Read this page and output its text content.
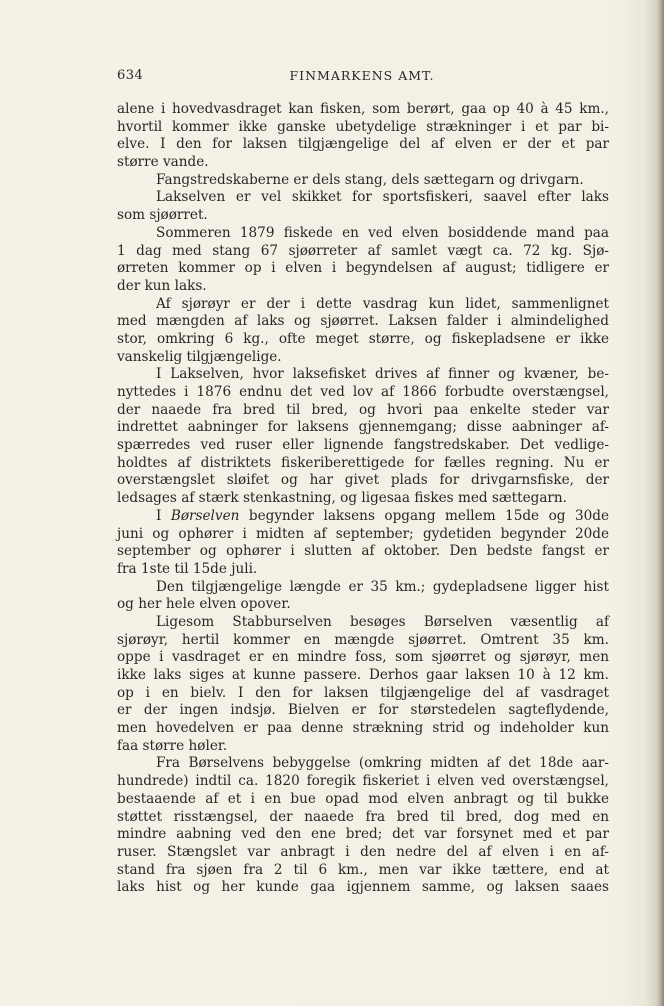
634	FINMARKENS AMT.
alene i hovedvasdraget kan fisken, som berørt, gaa op 40 à 45 km.,
hvortil kommer ikke ganske ubetydelige strækninger i et par bi-
elve. I den for laksen tilgjængelige del af elven er der et par
større vande.
Fangstredskaberne er dels stang, dels sættegarn og drivgarn.
Lakselven er vel skikket for sportsfiskeri, saavel efter laks
som sjøørret.
Sommeren 1879 fiskede en ved elven bosiddende mand paa
1 dag med stang 67 sjøørreter af samlet vægt ca. 72 kg. Sjø-
ørreten kommer op i elven i begyndelsen af august; tidligere er
der kun laks.
Af sjørøyr er der i dette vasdrag kun lidet, sammenlignet
med mængden af laks og sjøørret. Laksen falder i almindelighed
stor, omkring 6 kg., ofte meget større, og fiskepladsene er ikke
vanskelig tilgjængelige.
I Lakselven, hvor laksefisket drives af finner og kvæner, be-
nyttedes i 1876 endnu det ved lov af 1866 forbudte overstængsel,
der naaede fra bred til bred, og hvori paa enkelte steder var
indrettet aabninger for laksens gjennemgang; disse aabninger af-
spærredes ved ruser eller lignende fangstredskaber. Det vedlige-
holdtes af distriktets fiskeriberettigede for fælles regning. Nu er
overstængslet sløifet og har givet plads for drivgarnsfiske, der
ledsages af stærk stenkastning, og ligesaa fiskes med sættegarn.
I Børselven begynder laksens opgang mellem 15de og 30de
juni og ophører i midten af september; gydetiden begynder 20de
september og ophører i slutten af oktober. Den bedste fangst er
fra 1ste til 15de juli.
Den tilgjængelige længde er 35 km.; gydepladsene ligger hist
og her hele elven opover.
Ligesom Stabburselven besøges Børselven væsentlig af
sjørøyr, hertil kommer en mængde sjøørret. Omtrent 35 km.
oppe i vasdraget er en mindre foss, som sjøørret og sjørøyr, men
ikke laks siges at kunne passere. Derhos gaar laksen 10 à 12 km.
op i en bielv. I den for laksen tilgjængelige del af vasdraget
er der ingen indsjø. Bielven er for størstedelen sagteflydende,
men hovedelven er paa denne strækning strid og indeholder kun
faa større høler.
Fra Børselvens bebyggelse (omkring midten af det 18de aar-
hundrede) indtil ca. 1820 foregik fiskeriet i elven ved overstængsel,
bestaaende af et i en bue opad mod elven anbragt og til bukke
støttet risstængsel, der naaede fra bred til bred, dog med en
mindre aabning ved den ene bred; det var forsynet med et par
ruser. Stængslet var anbragt i den nedre del af elven i en af-
stand fra sjøen fra 2 til 6 km., men var ikke tættere, end at
laks hist og her kunde gaa igjennem samme, og laksen saaes
